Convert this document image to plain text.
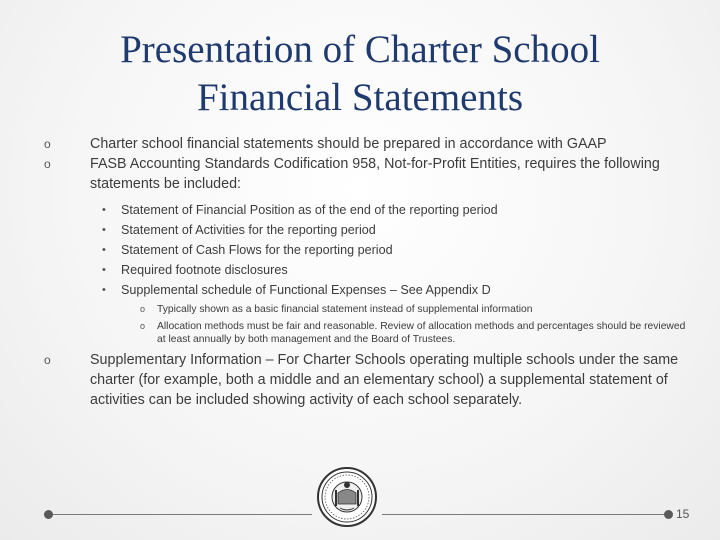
Presentation of Charter School
Financial Statements
o	Charter school financial statements should be prepared in accordance with GAAP
o	FASB Accounting Standards Codification 958, Not-for-Profit Entities, requires the following statements be included:
• Statement of Financial Position as of the end of the reporting period
• Statement of Activities for the reporting period
• Statement of Cash Flows for the reporting period
• Required footnote disclosures
• Supplemental schedule of Functional Expenses – See Appendix D
o Typically shown as a basic financial statement instead of supplemental information
o Allocation methods must be fair and reasonable. Review of allocation methods and percentages should be reviewed at least annually by both management and the Board of Trustees.
o	Supplementary Information – For Charter Schools operating multiple schools under the same charter (for example, both a middle and an elementary school) a supplemental statement of activities can be included showing activity of each school separately.
15
